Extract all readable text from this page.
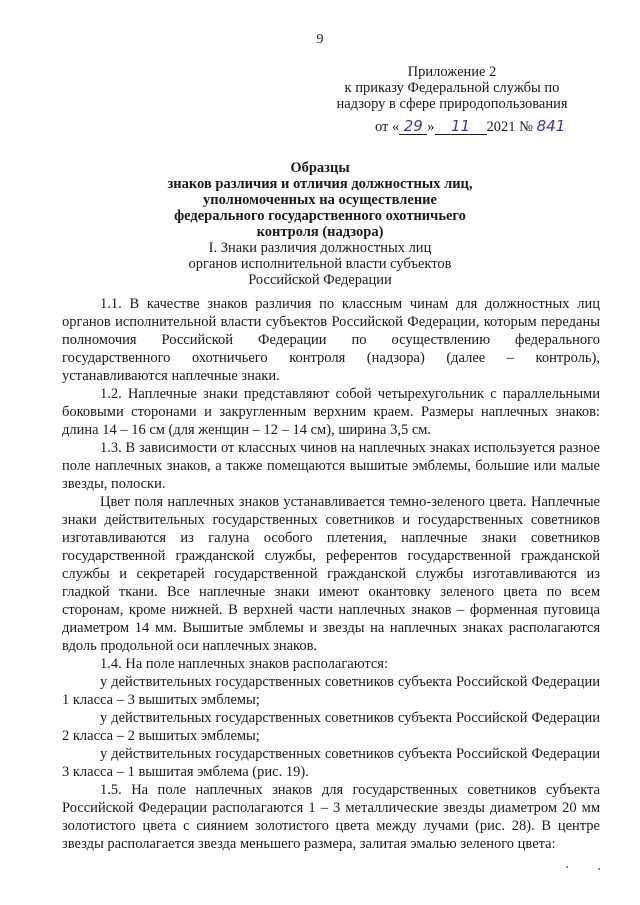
9
Приложение 2
к приказу Федеральной службы по
надзору в сфере природопользования
от « 29 » 11 2021 № 841
Образцы
знаков различия и отличия должностных лиц,
уполномоченных на осуществление
федерального государственного охотничьего
контроля (надзора)
I. Знаки различия должностных лиц
органов исполнительной власти субъектов
Российской Федерации

1.1. В качестве знаков различия по классным чинам для должностных лиц органов исполнительной власти субъектов Российской Федерации, которым переданы полномочия Российской Федерации по осуществлению федерального государственного охотничьего контроля (надзора) (далее – контроль), устанавливаются наплечные знаки.

1.2. Наплечные знаки представляют собой четырехугольник с параллельными боковыми сторонами и закругленным верхним краем. Размеры наплечных знаков: длина 14 – 16 см (для женщин – 12 – 14 см), ширина 3,5 см.

1.3. В зависимости от классных чинов на наплечных знаках используется разное поле наплечных знаков, а также помещаются вышитые эмблемы, большие или малые звезды, полоски.

Цвет поля наплечных знаков устанавливается темно-зеленого цвета. Наплечные знаки действительных государственных советников и государственных советников изготавливаются из галуна особого плетения, наплечные знаки советников государственной гражданской службы, референтов государственной гражданской службы и секретарей государственной гражданской службы изготавливаются из гладкой ткани. Все наплечные знаки имеют окантовку зеленого цвета по всем сторонам, кроме нижней. В верхней части наплечных знаков – форменная пуговица диаметром 14 мм. Вышитые эмблемы и звезды на наплечных знаках располагаются вдоль продольной оси наплечных знаков.

1.4. На поле наплечных знаков располагаются:

у действительных государственных советников субъекта Российской Федерации 1 класса – 3 вышитых эмблемы;

у действительных государственных советников субъекта Российской Федерации 2 класса – 2 вышитых эмблемы;

у действительных государственных советников субъекта Российской Федерации 3 класса – 1 вышитая эмблема (рис. 19).

1.5. На поле наплечных знаков для государственных советников субъекта Российской Федерации располагаются 1 – 3 металлические звезды диаметром 20 мм золотистого цвета с сиянием золотистого цвета между лучами (рис. 28). В центре звезды располагается звезда меньшего размера, залитая эмалью зеленого цвета:
